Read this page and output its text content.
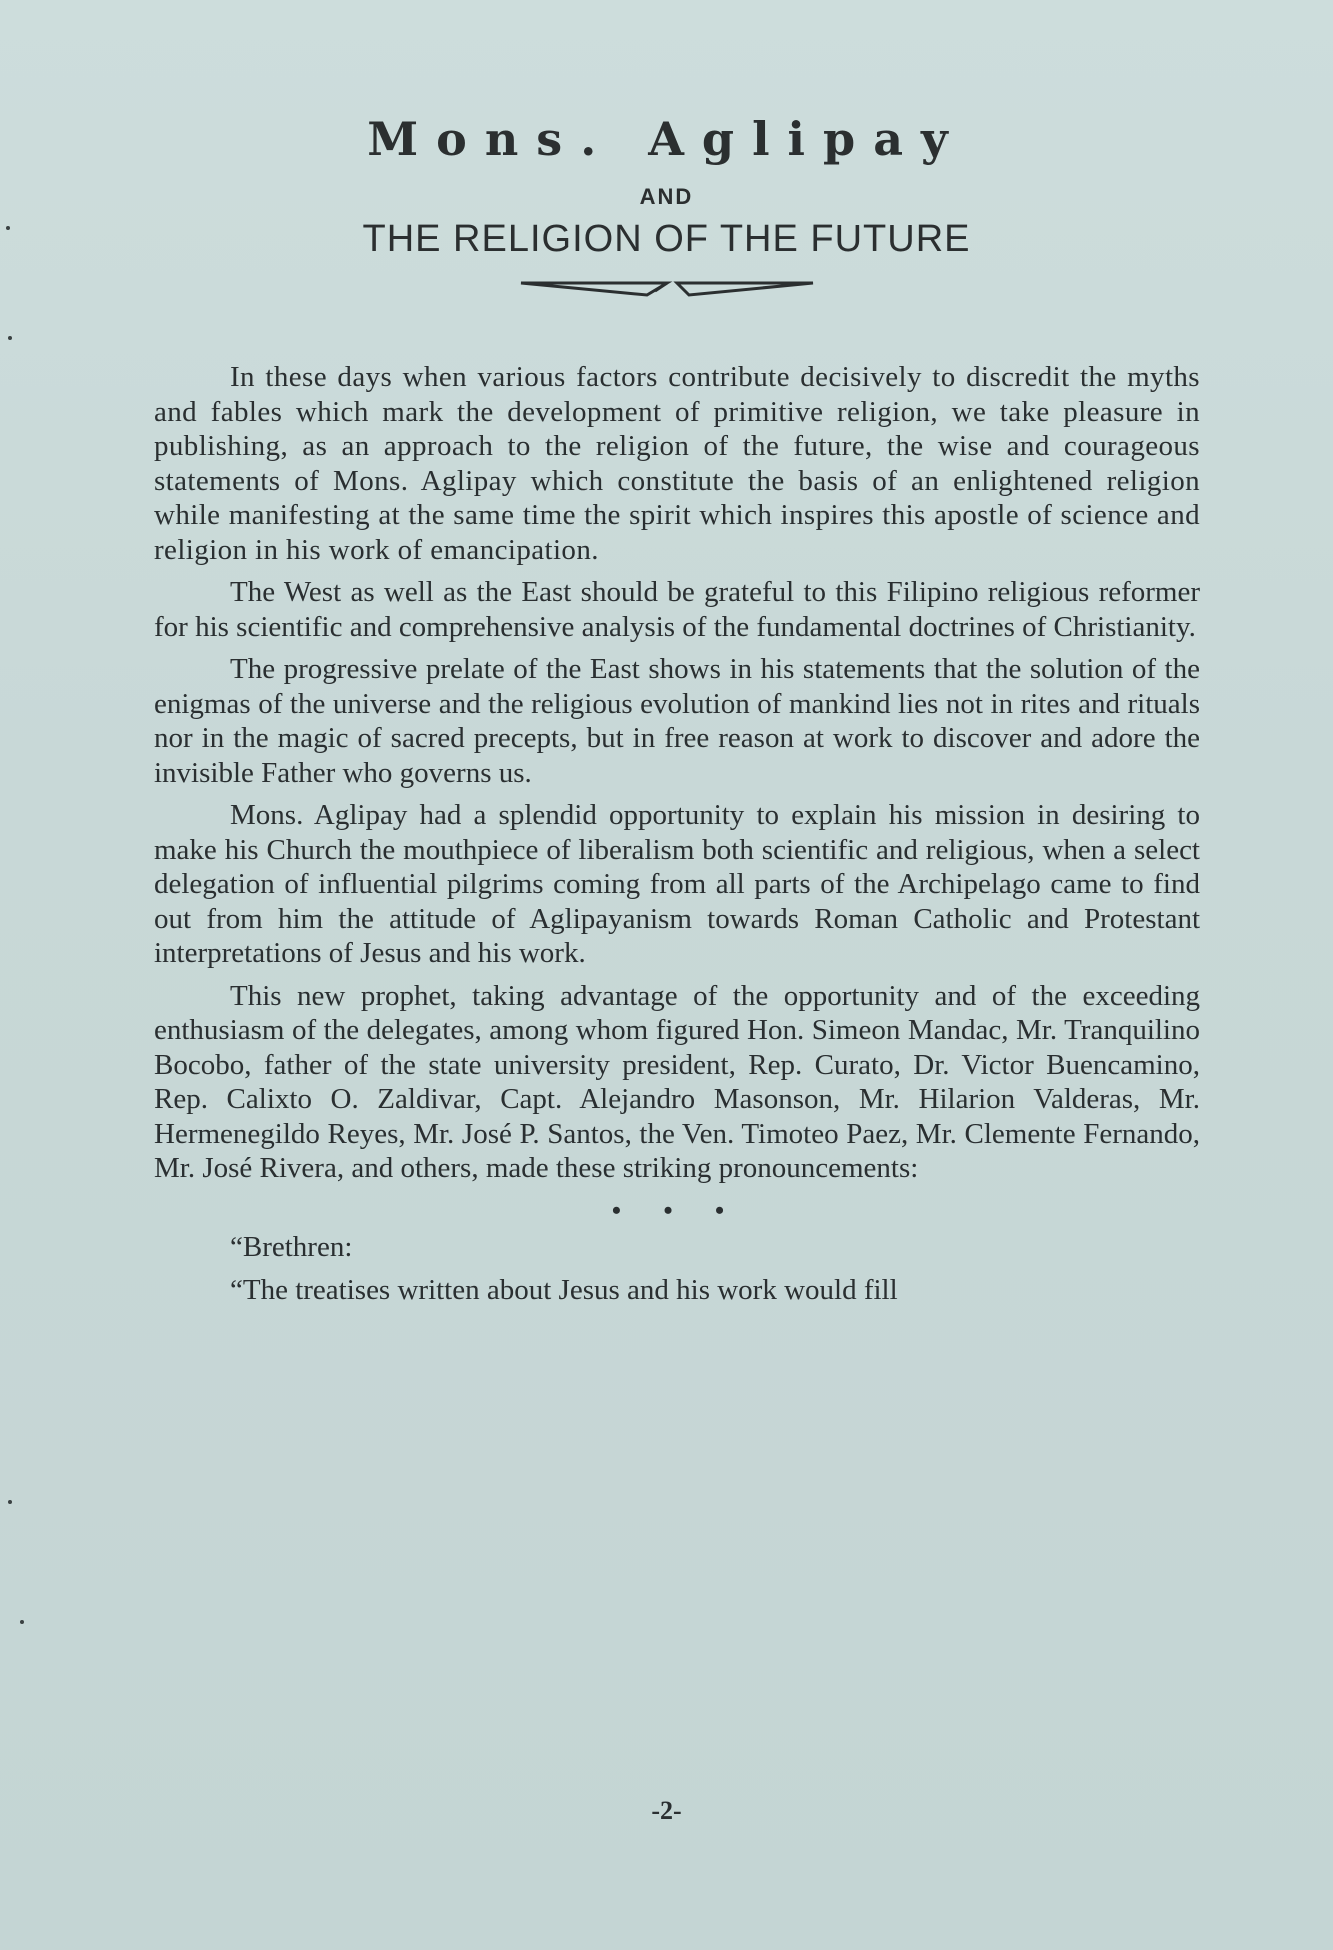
Mons. Aglipay
AND
THE RELIGION OF THE FUTURE

In these days when various factors contribute decisively to discredit the myths and fables which mark the development of primitive religion, we take pleasure in publishing, as an approach to the religion of the future, the wise and courageous statements of Mons. Aglipay which constitute the basis of an enlightened religion while manifesting at the same time the spirit which inspires this apostle of science and religion in his work of emancipation.

The West as well as the East should be grateful to this Filipino religious reformer for his scientific and comprehensive analysis of the fundamental doctrines of Christianity.

The progressive prelate of the East shows in his statements that the solution of the enigmas of the universe and the religious evolution of mankind lies not in rites and rituals nor in the magic of sacred precepts, but in free reason at work to discover and adore the invisible Father who governs us.

Mons. Aglipay had a splendid opportunity to explain his mission in desiring to make his Church the mouthpiece of liberalism both scientific and religious, when a select delegation of influential pilgrims coming from all parts of the Archipelago came to find out from him the attitude of Aglipayanism towards Roman Catholic and Protestant interpretations of Jesus and his work.

This new prophet, taking advantage of the opportunity and of the exceeding enthusiasm of the delegates, among whom figured Hon. Simeon Mandac, Mr. Tranquilino Bocobo, father of the state university president, Rep. Curato, Dr. Victor Buencamino, Rep. Calixto O. Zaldivar, Capt. Alejandro Masonson, Mr. Hilarion Valderas, Mr. Hermenegildo Reyes, Mr. José P. Santos, the Ven. Timoteo Paez, Mr. Clemente Fernando, Mr. José Rivera, and others, made these striking pronouncements:

• • •

“Brethren:

“The treatises written about Jesus and his work would fill

-2-
